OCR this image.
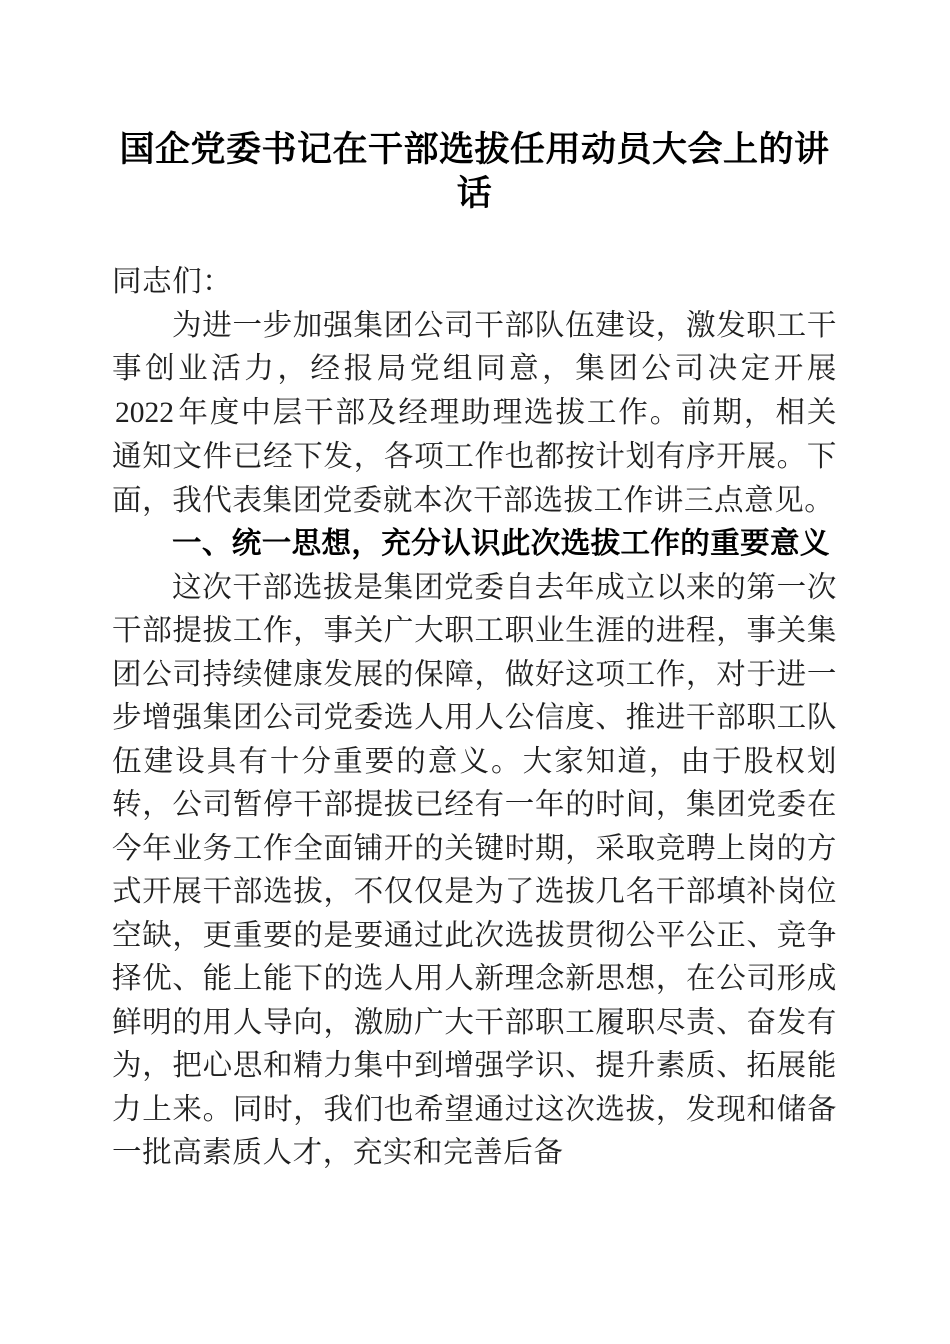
国企党委书记在干部选拔任用动员大会上的讲
话

同志们：

为进一步加强集团公司干部队伍建设，激发职工干事创业活力，经报局党组同意，集团公司决定开展2022 年度中层干部及经理助理选拔工作。前期，相关通知文件已经下发，各项工作也都按计划有序开展。下面，我代表集团党委就本次干部选拔工作讲三点意见。

一、统一思想，充分认识此次选拔工作的重要意义

这次干部选拔是集团党委自去年成立以来的第一次干部提拔工作，事关广大职工职业生涯的进程，事关集团公司持续健康发展的保障，做好这项工作，对于进一步增强集团公司党委选人用人公信度、推进干部职工队伍建设具有十分重要的意义。大家知道，由于股权划转，公司暂停干部提拔已经有一年的时间，集团党委在今年业务工作全面铺开的关键时期，采取竞聘上岗的方式开展干部选拔，不仅仅是为了选拔几名干部填补岗位空缺，更重要的是要通过此次选拔贯彻公平公正、竞争择优、能上能下的选人用人新理念新思想，在公司形成鲜明的用人导向，激励广大干部职工履职尽责、奋发有为，把心思和精力集中到增强学识、提升素质、拓展能力上来。同时，我们也希望通过这次选拔，发现和储备一批高素质人才，充实和完善后备
